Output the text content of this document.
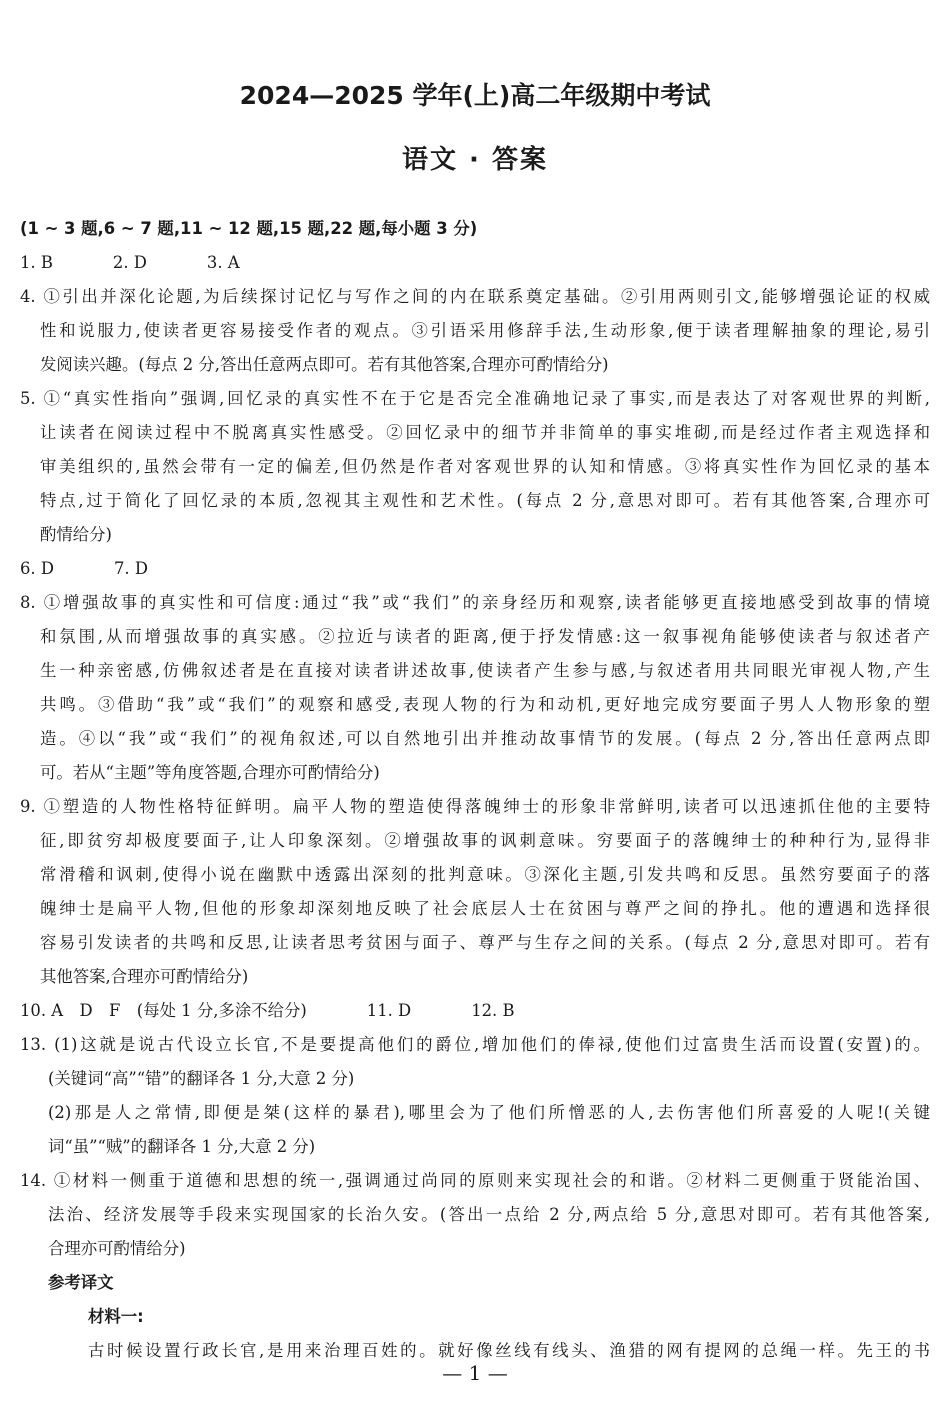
2024—2025 学年(上)高二年级期中考试
语文 · 答案
(1 ~ 3 题,6 ~ 7 题,11 ~ 12 题,15 题,22 题,每小题 3 分)
1. B	2. D	3. A
4. ①引出并深化论题,为后续探讨记忆与写作之间的内在联系奠定基础。②引用两则引文,能够增强论证的权威
性和说服力,使读者更容易接受作者的观点。③引语采用修辞手法,生动形象,便于读者理解抽象的理论,易引
发阅读兴趣。(每点 2 分,答出任意两点即可。若有其他答案,合理亦可酌情给分)
5. ①“真实性指向”强调,回忆录的真实性不在于它是否完全准确地记录了事实,而是表达了对客观世界的判断,
让读者在阅读过程中不脱离真实性感受。②回忆录中的细节并非简单的事实堆砌,而是经过作者主观选择和
审美组织的,虽然会带有一定的偏差,但仍然是作者对客观世界的认知和情感。③将真实性作为回忆录的基本
特点,过于简化了回忆录的本质,忽视其主观性和艺术性。(每点 2 分,意思对即可。若有其他答案,合理亦可
酌情给分)
6. D	7. D
8. ①增强故事的真实性和可信度:通过“我”或“我们”的亲身经历和观察,读者能够更直接地感受到故事的情境
和氛围,从而增强故事的真实感。②拉近与读者的距离,便于抒发情感:这一叙事视角能够使读者与叙述者产
生一种亲密感,仿佛叙述者是在直接对读者讲述故事,使读者产生参与感,与叙述者用共同眼光审视人物,产生
共鸣。③借助“我”或“我们”的观察和感受,表现人物的行为和动机,更好地完成穷要面子男人人物形象的塑
造。④以“我”或“我们”的视角叙述,可以自然地引出并推动故事情节的发展。(每点 2 分,答出任意两点即
可。若从“主题”等角度答题,合理亦可酌情给分)
9. ①塑造的人物性格特征鲜明。扁平人物的塑造使得落魄绅士的形象非常鲜明,读者可以迅速抓住他的主要特
征,即贫穷却极度要面子,让人印象深刻。②增强故事的讽刺意味。穷要面子的落魄绅士的种种行为,显得非
常滑稽和讽刺,使得小说在幽默中透露出深刻的批判意味。③深化主题,引发共鸣和反思。虽然穷要面子的落
魄绅士是扁平人物,但他的形象却深刻地反映了社会底层人士在贫困与尊严之间的挣扎。他的遭遇和选择很
容易引发读者的共鸣和反思,让读者思考贫困与面子、尊严与生存之间的关系。(每点 2 分,意思对即可。若有
其他答案,合理亦可酌情给分)
10. A　D　F　(每处 1 分,多涂不给分)	11. D	12. B
13. (1)这就是说古代设立长官,不是要提高他们的爵位,增加他们的俸禄,使他们过富贵生活而设置(安置)的。
(关键词“高”“错”的翻译各 1 分,大意 2 分)
(2)那是人之常情,即便是桀(这样的暴君),哪里会为了他们所憎恶的人,去伤害他们所喜爱的人呢!(关键
词“虽”“贼”的翻译各 1 分,大意 2 分)
14. ①材料一侧重于道德和思想的统一,强调通过尚同的原则来实现社会的和谐。②材料二更侧重于贤能治国、
法治、经济发展等手段来实现国家的长治久安。(答出一点给 2 分,两点给 5 分,意思对即可。若有其他答案,
合理亦可酌情给分)
参考译文
材料一:
古时候设置行政长官,是用来治理百姓的。就好像丝线有线头、渔猎的网有提网的总绳一样。先王的书
— 1 —
